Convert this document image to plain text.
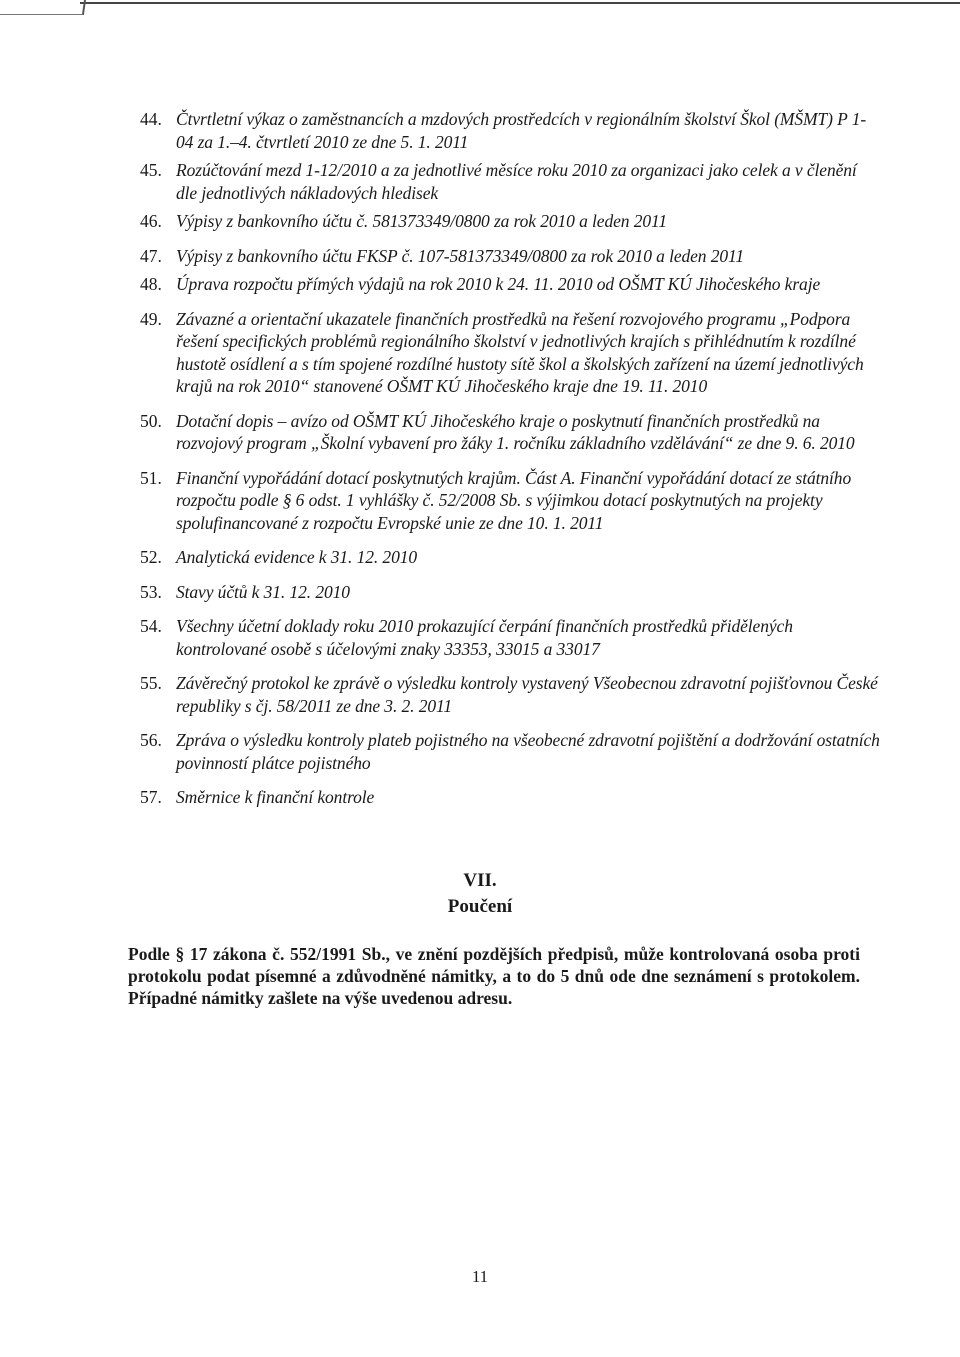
44. Čtvrtletní výkaz o zaměstnancích a mzdových prostředcích v regionálním školství Škol (MŠMT) P 1-04 za 1.–4. čtvrtletí 2010 ze dne 5. 1. 2011
45. Rozúčtování mezd 1-12/2010 a za jednotlivé měsíce roku 2010 za organizaci jako celek a v členění dle jednotlivých nákladových hledisek
46. Výpisy z bankovního účtu č. 581373349/0800 za rok 2010 a leden 2011
47. Výpisy z bankovního účtu FKSP č. 107-581373349/0800 za rok 2010 a leden 2011
48. Úprava rozpočtu přímých výdajů na rok 2010 k 24. 11. 2010 od OŠMT KÚ Jihočeského kraje
49. Závazné a orientační ukazatele finančních prostředků na řešení rozvojového programu „Podpora řešení specifických problémů regionálního školství v jednotlivých krajích s přihlédnutím k rozdílné hustotě osídlení a s tím spojené rozdílné hustoty sítě škol a školských zařízení na území jednotlivých krajů na rok 2010“ stanovené OŠMT KÚ Jihočeského kraje dne 19. 11. 2010
50. Dotační dopis – avízo od OŠMT KÚ Jihočeského kraje o poskytnutí finančních prostředků na rozvojový program „Školní vybavení pro žáky 1. ročníku základního vzdělávání“ ze dne 9. 6. 2010
51. Finanční vypořádání dotací poskytnutých krajům. Část A. Finanční vypořádání dotací ze státního rozpočtu podle § 6 odst. 1 vyhlášky č. 52/2008 Sb. s výjimkou dotací poskytnutých na projekty spolufinancované z rozpočtu Evropské unie ze dne 10. 1. 2011
52. Analytická evidence k 31. 12. 2010
53. Stavy účtů k 31. 12. 2010
54. Všechny účetní doklady roku 2010 prokazující čerpání finančních prostředků přidělených kontrolované osobě s účelovými znaky 33353, 33015 a 33017
55. Závěrečný protokol ke zprávě o výsledku kontroly vystavený Všeobecnou zdravotní pojišťovnou České republiky s čj. 58/2011 ze dne 3. 2. 2011
56. Zpráva o výsledku kontroly plateb pojistného na všeobecné zdravotní pojištění a dodržování ostatních povinností plátce pojistného
57. Směrnice k finanční kontrole
VII.
Poučení

Podle § 17 zákona č. 552/1991 Sb., ve znění pozdějších předpisů, může kontrolovaná osoba proti protokolu podat písemné a zdůvodněné námitky, a to do 5 dnů ode dne seznámení s protokolem. Případné námitky zašlete na výše uvedenou adresu.

11
